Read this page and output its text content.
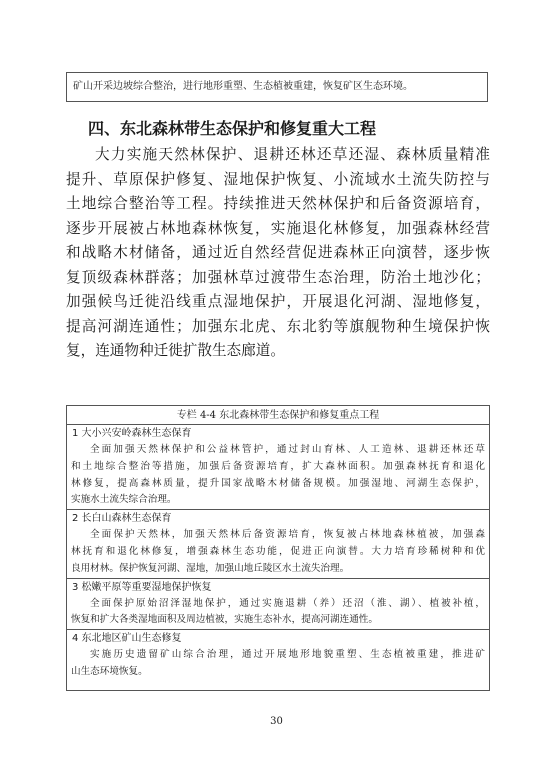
矿山开采边坡综合整治，进行地形重塑、生态植被重建，恢复矿区生态环境。
四、东北森林带生态保护和修复重大工程
大力实施天然林保护、退耕还林还草还湿、森林质量精准
提升、草原保护修复、湿地保护恢复、小流域水土流失防控与
土地综合整治等工程。持续推进天然林保护和后备资源培育，
逐步开展被占林地森林恢复，实施退化林修复，加强森林经营
和战略木材储备，通过近自然经营促进森林正向演替，逐步恢
复顶级森林群落；加强林草过渡带生态治理，防治土地沙化；
加强候鸟迁徙沿线重点湿地保护，开展退化河湖、湿地修复，
提高河湖连通性；加强东北虎、东北豹等旗舰物种生境保护恢
复，连通物种迁徙扩散生态廊道。
专栏 4-4 东北森林带生态保护和修复重点工程
1 大小兴安岭森林生态保育
全面加强天然林保护和公益林管护，通过封山育林、人工造林、退耕还林还草
和土地综合整治等措施，加强后备资源培育，扩大森林面积。加强森林抚育和退化
林修复，提高森林质量，提升国家战略木材储备规模。加强湿地、河湖生态保护，
实施水土流失综合治理。
2 长白山森林生态保育
全面保护天然林，加强天然林后备资源培育，恢复被占林地森林植被，加强森
林抚育和退化林修复，增强森林生态功能，促进正向演替。大力培育珍稀树种和优
良用材林。保护恢复河湖、湿地，加强山地丘陵区水土流失治理。
3 松嫩平原等重要湿地保护恢复
全面保护原始沼泽湿地保护，通过实施退耕（养）还沼（淮、湖）、植被补植，
恢复和扩大各类湿地面积及周边植被，实施生态补水，提高河湖连通性。
4 东北地区矿山生态修复
实施历史遗留矿山综合治理，通过开展地形地貌重塑、生态植被重建，推进矿
山生态环境恢复。
30
